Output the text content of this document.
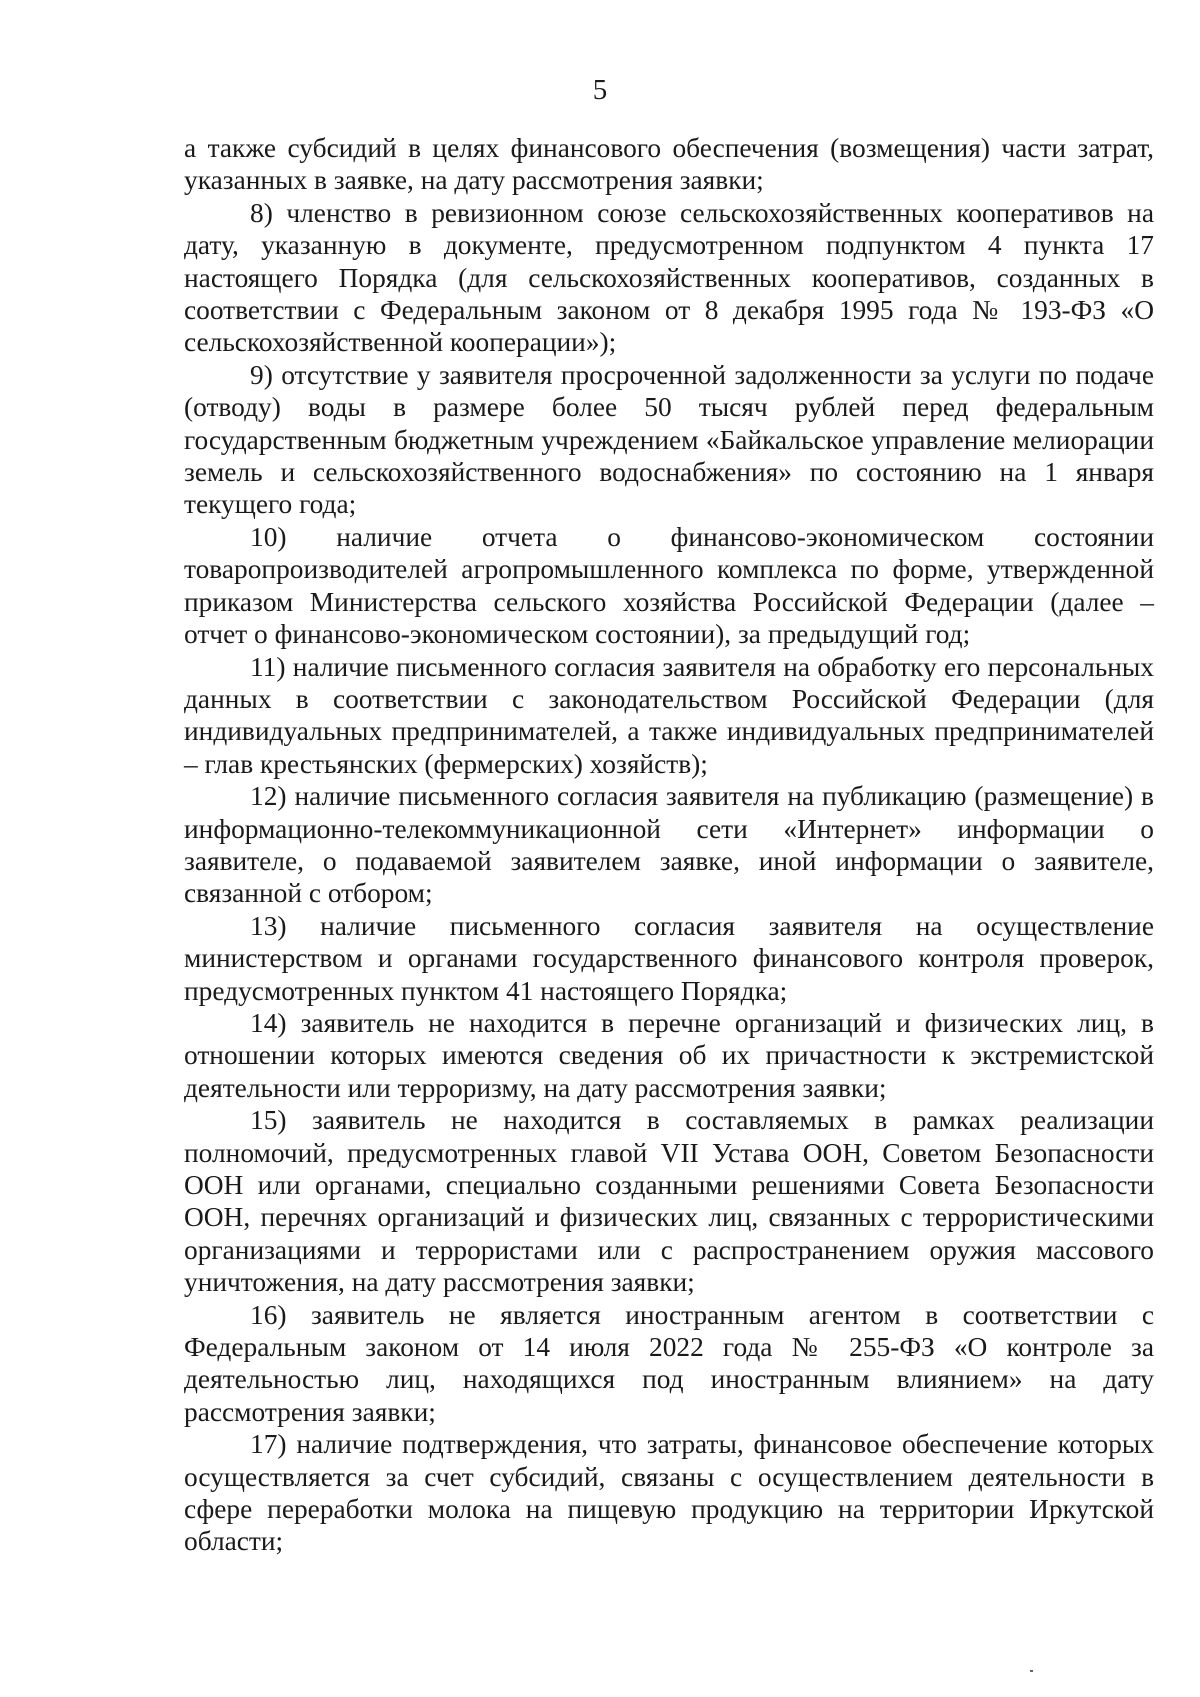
5

а также субсидий в целях финансового обеспечения (возмещения) части затрат, указанных в заявке, на дату рассмотрения заявки;

8) членство в ревизионном союзе сельскохозяйственных кооперативов на дату, указанную в документе, предусмотренном подпунктом 4 пункта 17 настоящего Порядка (для сельскохозяйственных кооперативов, созданных в соответствии с Федеральным законом от 8 декабря 1995 года № 193-ФЗ «О сельскохозяйственной кооперации»);

9) отсутствие у заявителя просроченной задолженности за услуги по подаче (отводу) воды в размере более 50 тысяч рублей перед федеральным государственным бюджетным учреждением «Байкальское управление мелиорации земель и сельскохозяйственного водоснабжения» по состоянию на 1 января текущего года;

10) наличие отчета о финансово-экономическом состоянии товаропроизводителей агропромышленного комплекса по форме, утвержденной приказом Министерства сельского хозяйства Российской Федерации (далее – отчет о финансово-экономическом состоянии), за предыдущий год;

11) наличие письменного согласия заявителя на обработку его персональных данных в соответствии с законодательством Российской Федерации (для индивидуальных предпринимателей, а также индивидуальных предпринимателей – глав крестьянских (фермерских) хозяйств);

12) наличие письменного согласия заявителя на публикацию (размещение) в информационно-телекоммуникационной сети «Интернет» информации о заявителе, о подаваемой заявителем заявке, иной информации о заявителе, связанной с отбором;

13) наличие письменного согласия заявителя на осуществление министерством и органами государственного финансового контроля проверок, предусмотренных пунктом 41 настоящего Порядка;

14) заявитель не находится в перечне организаций и физических лиц, в отношении которых имеются сведения об их причастности к экстремистской деятельности или терроризму, на дату рассмотрения заявки;

15) заявитель не находится в составляемых в рамках реализации полномочий, предусмотренных главой VII Устава ООН, Советом Безопасности ООН или органами, специально созданными решениями Совета Безопасности ООН, перечнях организаций и физических лиц, связанных с террористическими организациями и террористами или с распространением оружия массового уничтожения, на дату рассмотрения заявки;

16) заявитель не является иностранным агентом в соответствии с Федеральным законом от 14 июля 2022 года № 255-ФЗ «О контроле за деятельностью лиц, находящихся под иностранным влиянием» на дату рассмотрения заявки;

17) наличие подтверждения, что затраты, финансовое обеспечение которых осуществляется за счет субсидий, связаны с осуществлением деятельности в сфере переработки молока на пищевую продукцию на территории Иркутской области;
